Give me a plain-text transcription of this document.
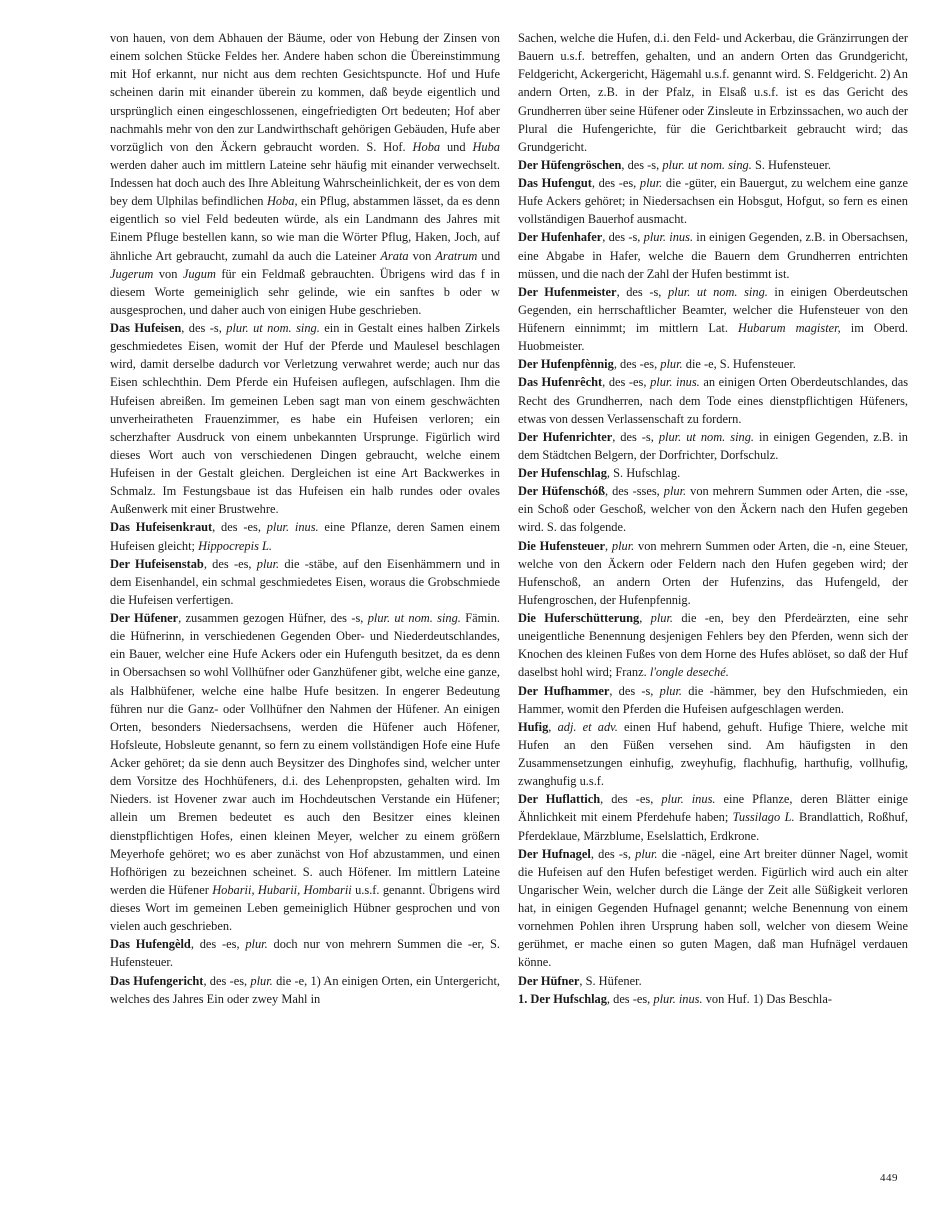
von hauen, von dem Abhauen der Bäume, oder von Hebung der Zinsen von einem solchen Stücke Feldes her. Andere haben schon die Übereinstimmung mit Hof erkannt, nur nicht aus dem rechten Gesichtspuncte. Hof und Hufe scheinen darin mit einander überein zu kommen, daß beyde eigentlich und ursprünglich einen eingeschlossenen, eingefriedigten Ort bedeuten; Hof aber nachmahls mehr von den zur Landwirthschaft gehörigen Gebäuden, Hufe aber vorzüglich von den Äckern gebraucht worden. S. Hof. Hoba und Huba werden daher auch im mittlern Lateine sehr häufig mit einander verwechselt. Indessen hat doch auch des Ihre Ableitung Wahrscheinlichkeit, der es von dem bey dem Ulphilas befindlichen Hoba, ein Pflug, abstammen lässet, da es denn eigentlich so viel Feld bedeuten würde, als ein Landmann des Jahres mit Einem Pfluge bestellen kann, so wie man die Wörter Pflug, Haken, Joch, auf ähnliche Art gebraucht, zumahl da auch die Lateiner Arata von Aratrum und Jugerum von Jugum für ein Feldmaß gebrauchten. Übrigens wird das f in diesem Worte gemeiniglich sehr gelinde, wie ein sanftes b oder w ausgesprochen, und daher auch von einigen Hube geschrieben.

Das Hufeisen, des -s, plur. ut nom. sing. ein in Gestalt eines halben Zirkels geschmiedetes Eisen, womit der Huf der Pferde und Maulesel beschlagen wird, damit derselbe dadurch vor Verletzung verwahret werde; auch nur das Eisen schlechthin. Dem Pferde ein Hufeisen auflegen, aufschlagen. Ihm die Hufeisen abreißen. Im gemeinen Leben sagt man von einem geschwächten unverheiratheten Frauenzimmer, es habe ein Hufeisen verloren; ein scherzhafter Ausdruck von einem unbekannten Ursprunge. Figürlich wird dieses Wort auch von verschiedenen Dingen gebraucht, welche einem Hufeisen in der Gestalt gleichen. Dergleichen ist eine Art Backwerkes in Schmalz. Im Festungsbaue ist das Hufeisen ein halb rundes oder ovales Außenwerk mit einer Brustwehre.

Das Hufeisenkraut, des -es, plur. inus. eine Pflanze, deren Samen einem Hufeisen gleicht; Hippocrepis L.

Der Hufeisenstab, des -es, plur. die -stäbe, auf den Eisenhämmern und in dem Eisenhandel, ein schmal geschmiedetes Eisen, woraus die Grobschmiede die Hufeisen verfertigen.

Der Hüfener, zusammen gezogen Hüfner, des -s, plur. ut nom. sing. Fämin. die Hüfnerinn, in verschiedenen Gegenden Ober- und Niederdeutschlandes, ein Bauer, welcher eine Hufe Ackers oder ein Hufenguth besitzet, da es denn in Obersachsen so wohl Vollhüfner oder Ganzhüfener gibt, welche eine ganze, als Halbhüfener, welche eine halbe Hufe besitzen. In engerer Bedeutung führen nur die Ganz- oder Vollhüfner den Nahmen der Hüfener. An einigen Orten, besonders Niedersachsens, werden die Hüfener auch Höfener, Hofsleute, Hobsleute genannt, so fern zu einem vollständigen Hofe eine Hufe Acker gehöret; da sie denn auch Beysitzer des Dinghofes sind, welcher unter dem Vorsitze des Hochhüfeners, d.i. des Lehenpropsten, gehalten wird. Im Nieders. ist Hovener zwar auch im Hochdeutschen Verstande ein Hüfener; allein um Bremen bedeutet es auch den Besitzer eines kleinen dienstpflichtigen Hofes, einen kleinen Meyer, welcher zu einem größern Meyerhofe gehöret; wo es aber zunächst von Hof abzustammen, und einen Hofhörigen zu bezeichnen scheinet. S. auch Höfener. Im mittlern Lateine werden die Hüfener Hobarii, Hubarii, Hombarii u.s.f. genannt. Übrigens wird dieses Wort im gemeinen Leben gemeiniglich Hübner gesprochen und von vielen auch geschrieben.

Das Hufengèld, des -es, plur. doch nur von mehrern Summen die -er, S. Hufensteuer.

Das Hufengericht, des -es, plur. die -e, 1) An einigen Orten, ein Untergericht, welches des Jahres Ein oder zwey Mahl in

Sachen, welche die Hufen, d.i. den Feld- und Ackerbau, die Gränzirrungen der Bauern u.s.f. betreffen, gehalten, und an andern Orten das Grundgericht, Feldgericht, Ackergericht, Hägemahl u.s.f. genannt wird. S. Feldgericht. 2) An andern Orten, z.B. in der Pfalz, in Elsaß u.s.f. ist es das Gericht des Grundherren über seine Hüfener oder Zinsleute in Erbzinssachen, wo auch der Plural die Hufengerichte, für die Gerichtbarkeit gebraucht wird; das Grundgericht.

Der Hüfengröschen, des -s, plur. ut nom. sing. S. Hufensteuer.

Das Hufengut, des -es, plur. die -güter, ein Bauergut, zu welchem eine ganze Hufe Ackers gehöret; in Niedersachsen ein Hobsgut, Hofgut, so fern es einen vollständigen Bauerhof ausmacht.

Der Hufenhafer, des -s, plur. inus. in einigen Gegenden, z.B. in Obersachsen, eine Abgabe in Hafer, welche die Bauern dem Grundherren entrichten müssen, und die nach der Zahl der Hufen bestimmt ist.

Der Hufenmeister, des -s, plur. ut nom. sing. in einigen Oberdeutschen Gegenden, ein herrschaftlicher Beamter, welcher die Hufensteuer von den Hüfenern einnimmt; im mittlern Lat. Hubarum magister, im Oberd. Huobmeister.

Der Hufenpfènnig, des -es, plur. die -e, S. Hufensteuer.

Das Hufenrêcht, des -es, plur. inus. an einigen Orten Oberdeutschlandes, das Recht des Grundherren, nach dem Tode eines dienstpflichtigen Hüfeners, etwas von dessen Verlassenschaft zu fordern.

Der Hufenrichter, des -s, plur. ut nom. sing. in einigen Gegenden, z.B. in dem Städtchen Belgern, der Dorfrichter, Dorfschulz.

Der Hufenschlag, S. Hufschlag.

Der Hüfenschóß, des -sses, plur. von mehrern Summen oder Arten, die -sse, ein Schoß oder Geschoß, welcher von den Äckern nach den Hufen gegeben wird. S. das folgende.

Die Hufensteuer, plur. von mehrern Summen oder Arten, die -n, eine Steuer, welche von den Äckern oder Feldern nach den Hufen gegeben wird; der Hufenschoß, an andern Orten der Hufenzins, das Hufengeld, der Hufengroschen, der Hufenpfennig.

Die Huferschütterung, plur. die -en, bey den Pferdeärzten, eine sehr uneigentliche Benennung desjenigen Fehlers bey den Pferden, wenn sich der Knochen des kleinen Fußes von dem Horne des Hufes ablöset, so daß der Huf daselbst hohl wird; Franz. l'ongle deseché.

Der Hufhammer, des -s, plur. die -hämmer, bey den Hufschmieden, ein Hammer, womit den Pferden die Hufeisen aufgeschlagen werden.

Hufig, adj. et adv. einen Huf habend, gehuft. Hufige Thiere, welche mit Hufen an den Füßen versehen sind. Am häufigsten in den Zusammensetzungen einhufig, zweyhufig, flachhufig, harthufig, vollhufig, zwanghufig u.s.f.

Der Huflattich, des -es, plur. inus. eine Pflanze, deren Blätter einige Ähnlichkeit mit einem Pferdehufe haben; Tussilago L. Brandlattich, Roßhuf, Pferdeklaue, Märzblume, Eselslattich, Erdkrone.

Der Hufnagel, des -s, plur. die -nägel, eine Art breiter dünner Nagel, womit die Hufeisen auf den Hufen befestiget werden. Figürlich wird auch ein alter Ungarischer Wein, welcher durch die Länge der Zeit alle Süßigkeit verloren hat, in einigen Gegenden Hufnagel genannt; welche Benennung von einem vornehmen Pohlen ihren Ursprung haben soll, welcher von diesem Weine gerühmet, er mache einen so guten Magen, daß man Hufnägel verdauen könne.

Der Hüfner, S. Hüfener.

1. Der Hufschlag, des -es, plur. inus. von Huf. 1) Das Beschla-

449
